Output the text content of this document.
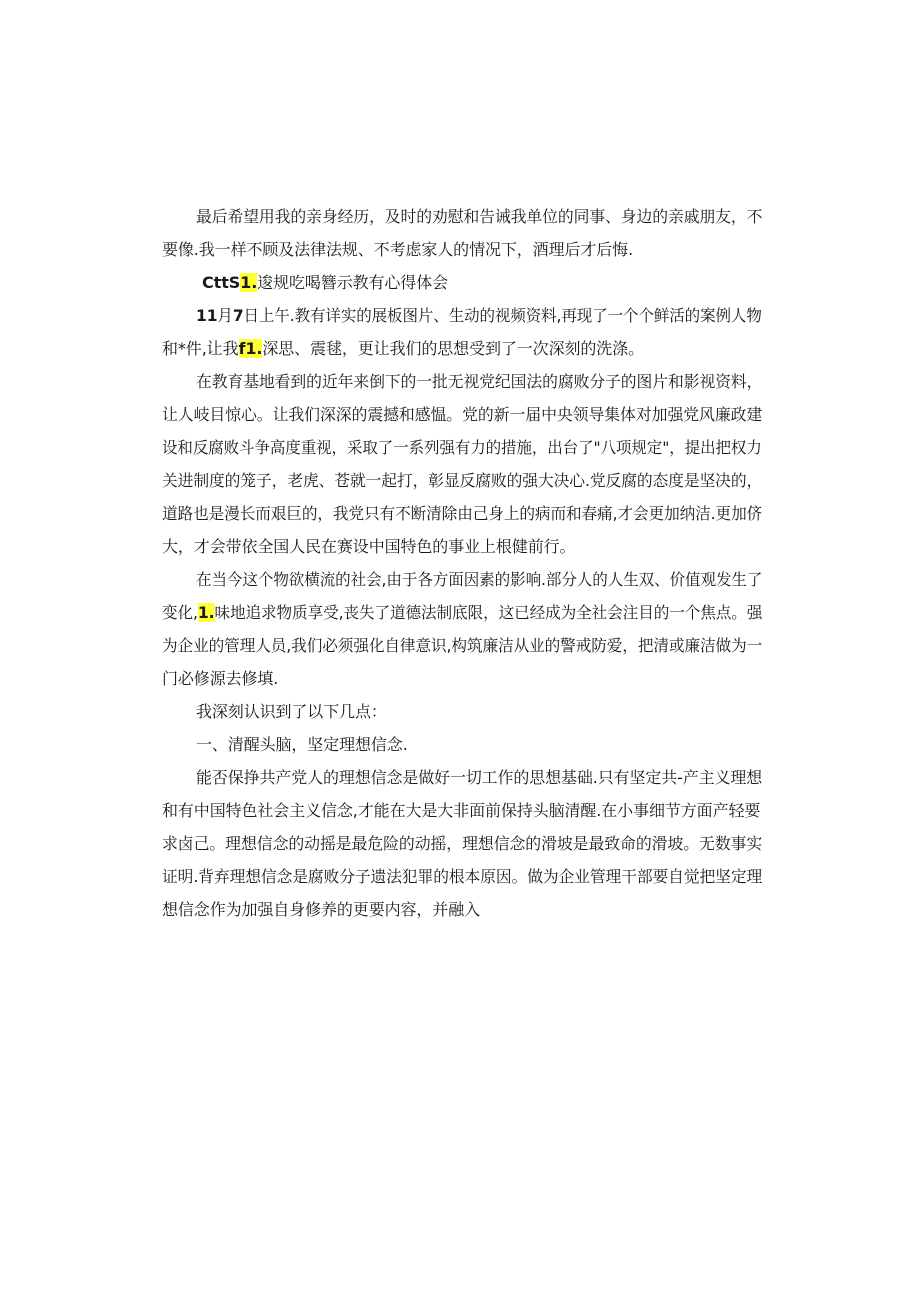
最后希望用我的亲身经历，及时的劝慰和告诫我单位的同事、身边的亲戚朋友，不
要像.我一样不顾及法律法规、不考虑家人的情况下，酒理后才后悔.
CttS1.逡规吃喝簪示教有心得体会
11月7日上午.教有详实的展板图片、生动的视频资料,再现了一个个鲜活的案例人物
和*件,让我f1.深思、震毬，更让我们的思想受到了一次深刻的洗涤。
在教育基地看到的近年来倒下的一批无视党纪国法的腐败分子的图片和影视资料，
让人岐目惊心。让我们深深的震撼和感愠。党的新一届中央领导集体对加强党风廉政建
设和反腐败斗争高度重视，采取了一系列强有力的措施，出台了"八项规定"，提出把权力
关进制度的笼子，老虎、苍就一起打，彰显反腐败的强大决心.党反腐的态度是坚决的，
道路也是漫长而艰巨的，我党只有不断清除由己身上的病而和春痛,才会更加纳洁.更加侪
大，才会带依全国人民在赛设中国特色的事业上根健前行。
在当今这个物欲横流的社会,由于各方面因素的影响.部分人的人生双、价值观发生了
变化,1.味地追求物质享受,丧失了道德法制底限，这已经成为全社会注目的一个焦点。强
为企业的管理人员,我们必须强化自律意识,构筑廉洁从业的警戒防爱，把清或廉洁做为一
门必修源去修填.
我深刻认识到了以下几点：
一、清醒头脑，坚定理想信念.
能否保挣共产党人的理想信念是做好一切工作的思想基础.只有坚定共-产主义理想
和有中国特色社会主义信念,才能在大是大非面前保持头脑清醒.在小事细节方面产轻要
求卤己。理想信念的动摇是最危险的动摇，理想信念的滑坡是最致命的滑坡。无数事实
证明.背弃理想信念是腐败分子遗法犯罪的根本原因。做为企业管理干部要自觉把坚定理
想信念作为加强自身修养的更要内容，并融入
